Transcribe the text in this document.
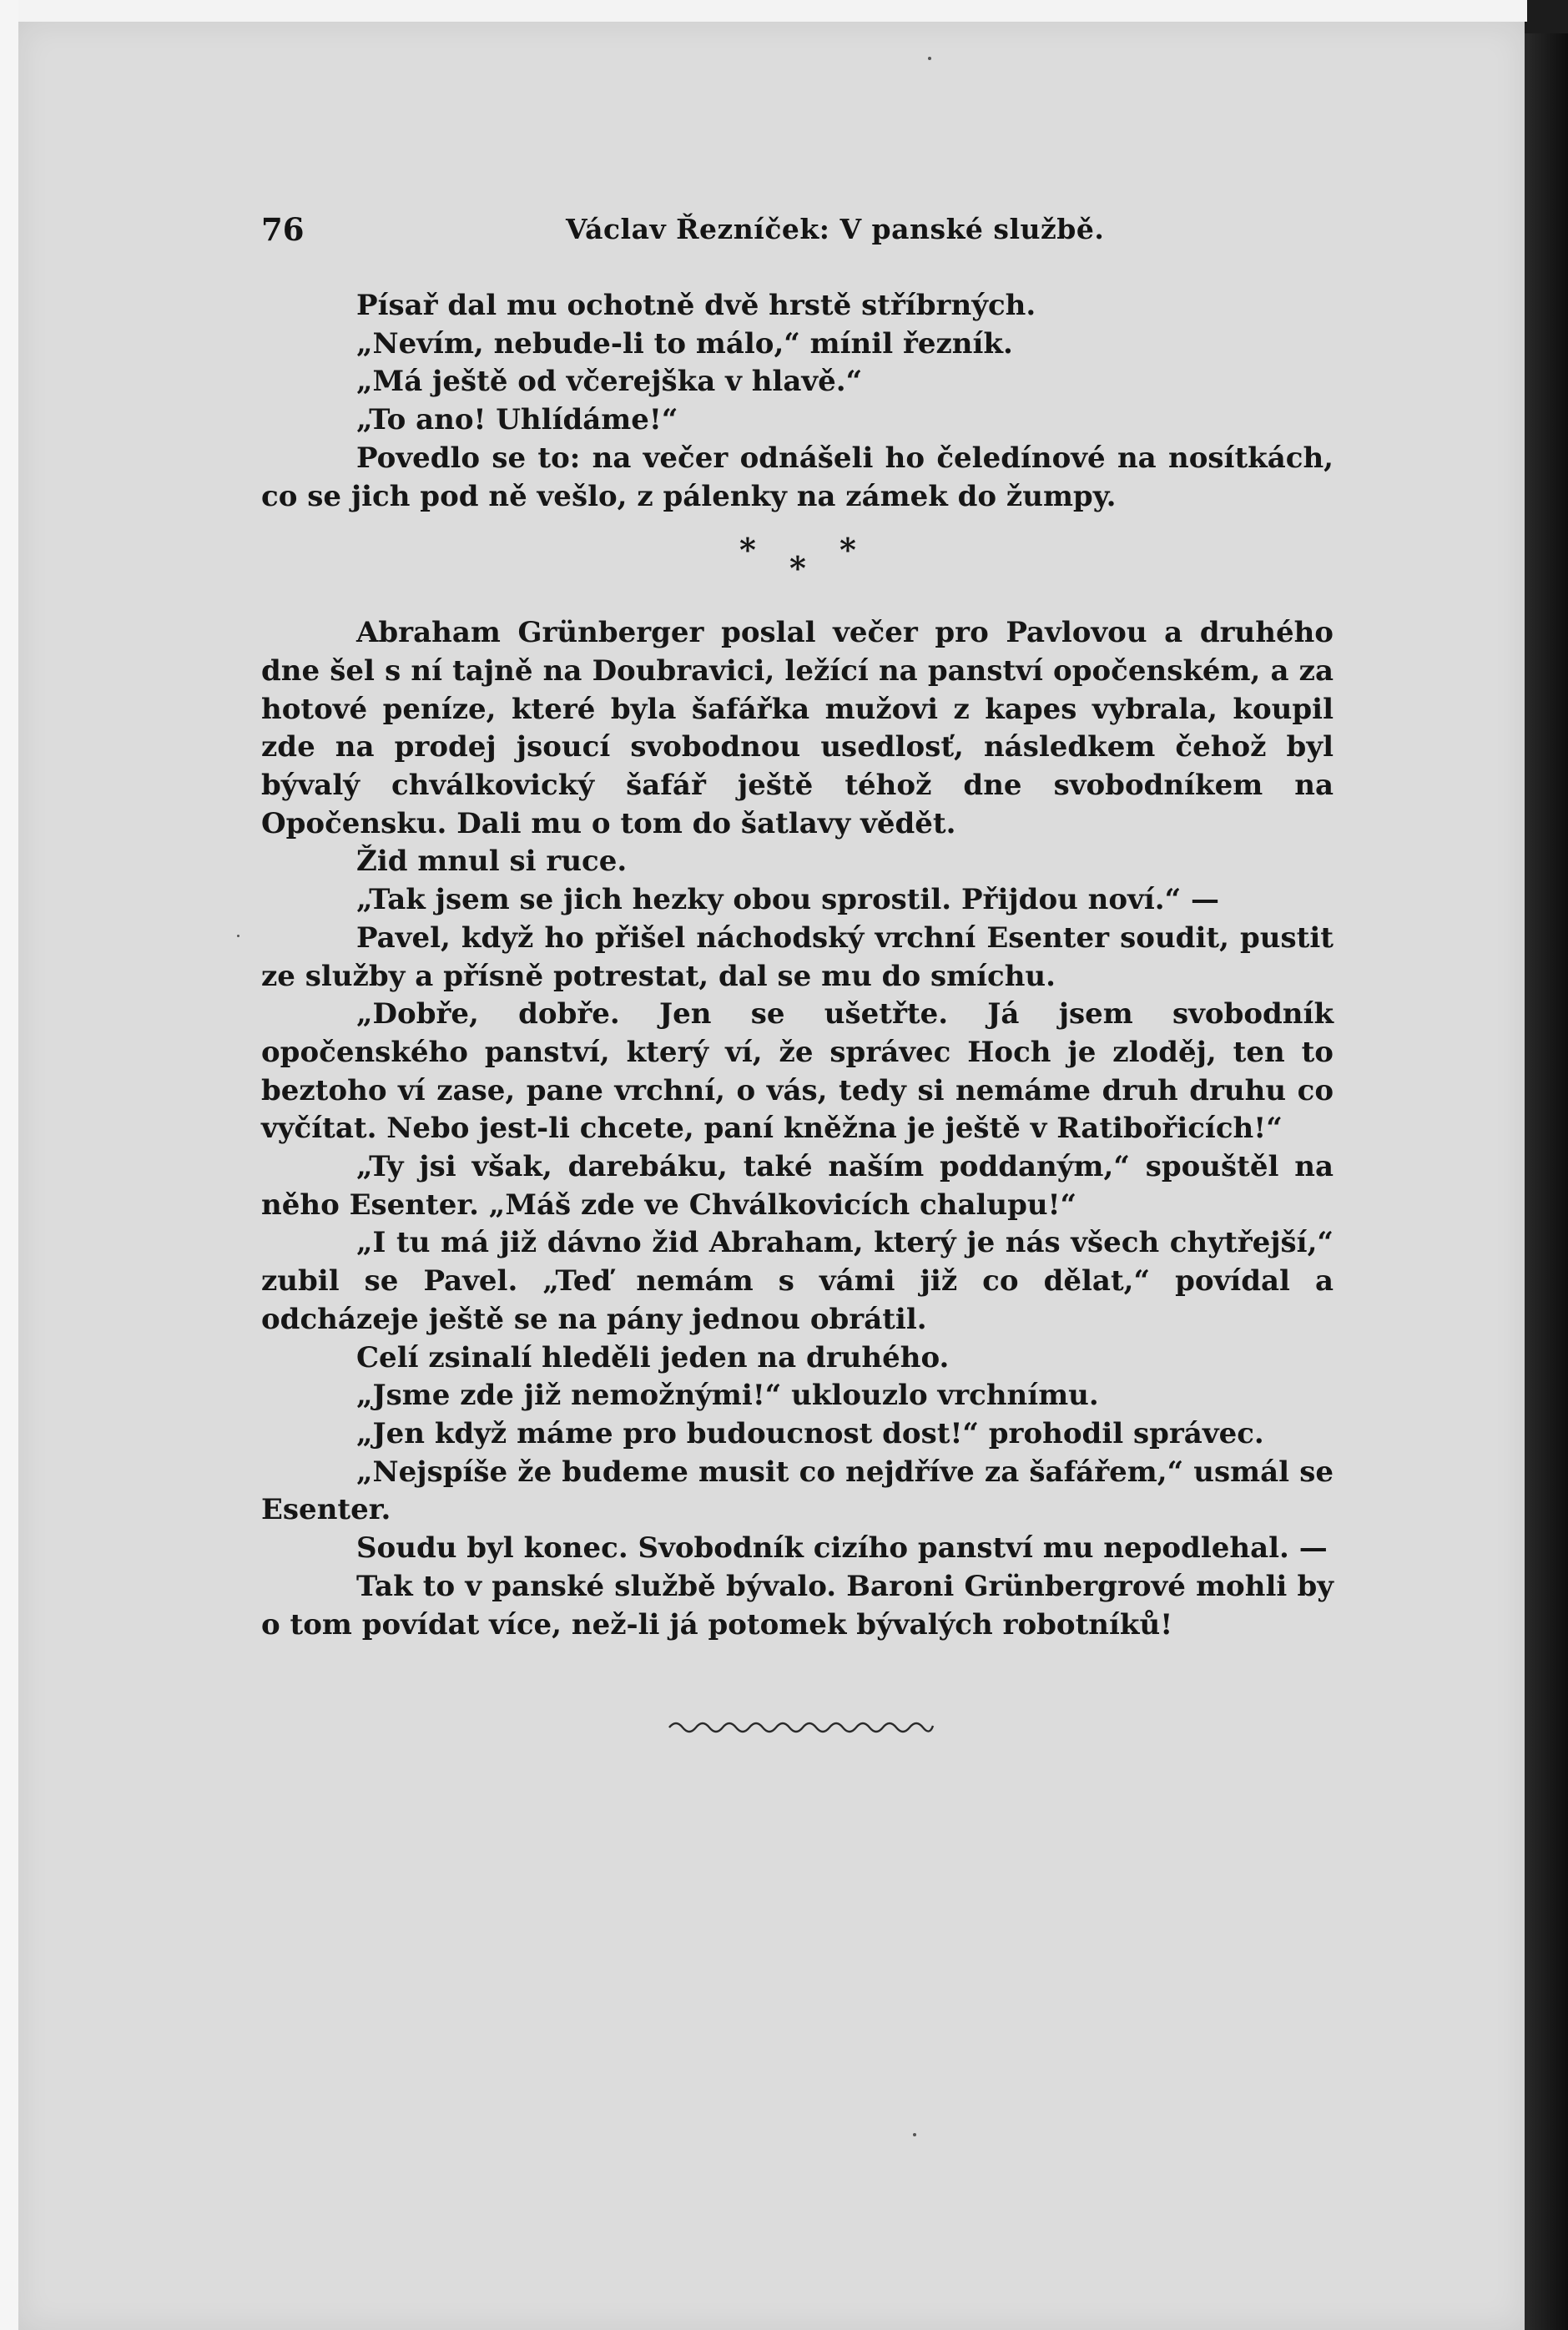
76	Václav Řezníček: V panské službě.

Písař dal mu ochotně dvě hrstě stříbrných.

„Nevím, nebude-li to málo,“ mínil řezník.

„Má ještě od včerejška v hlavě.“

„To ano! Uhlídáme!“

Povedlo se to: na večer odnášeli ho čeledínové na nosítkách, co se jich pod ně vešlo, z pálenky na zámek do žumpy.

* * *

Abraham Grünberger poslal večer pro Pavlovou a druhého dne šel s ní tajně na Doubravici, ležící na panství opočenském, a za hotové peníze, které byla šafářka mužovi z kapes vybrala, koupil zde na prodej jsoucí svobodnou usedlosť, následkem čehož byl bývalý chválkovický šafář ještě téhož dne svobodníkem na Opočensku. Dali mu o tom do šatlavy vědět.

Žid mnul si ruce.

„Tak jsem se jich hezky obou sprostil. Přijdou noví.“ —

Pavel, když ho přišel náchodský vrchní Esenter soudit, pustit ze služby a přísně potrestat, dal se mu do smíchu.

„Dobře, dobře. Jen se ušetřte. Já jsem svobodník opočenského panství, který ví, že správec Hoch je zloděj, ten to beztoho ví zase, pane vrchní, o vás, tedy si nemáme druh druhu co vyčítat. Nebo jest-li chcete, paní kněžna je ještě v Ratibořicích!“

„Ty jsi však, darebáku, také naším poddaným,“ spouštěl na něho Esenter. „Máš zde ve Chválkovicích chalupu!“

„I tu má již dávno žid Abraham, který je nás všech chytřejší,“ zubil se Pavel. „Teď nemám s vámi již co dělat,“ povídal a odcházeje ještě se na pány jednou obrátil.

Celí zsinalí hleděli jeden na druhého.

„Jsme zde již nemožnými!“ uklouzlo vrchnímu.

„Jen když máme pro budoucnost dost!“ prohodil správec.

„Nejspíše že budeme musit co nejdříve za šafářem,“ usmál se Esenter.

Soudu byl konec. Svobodník cizího panství mu nepodlehal. —

Tak to v panské službě bývalo. Baroni Grünbergrové mohli by o tom povídat více, než-li já potomek bývalých robotníků!
